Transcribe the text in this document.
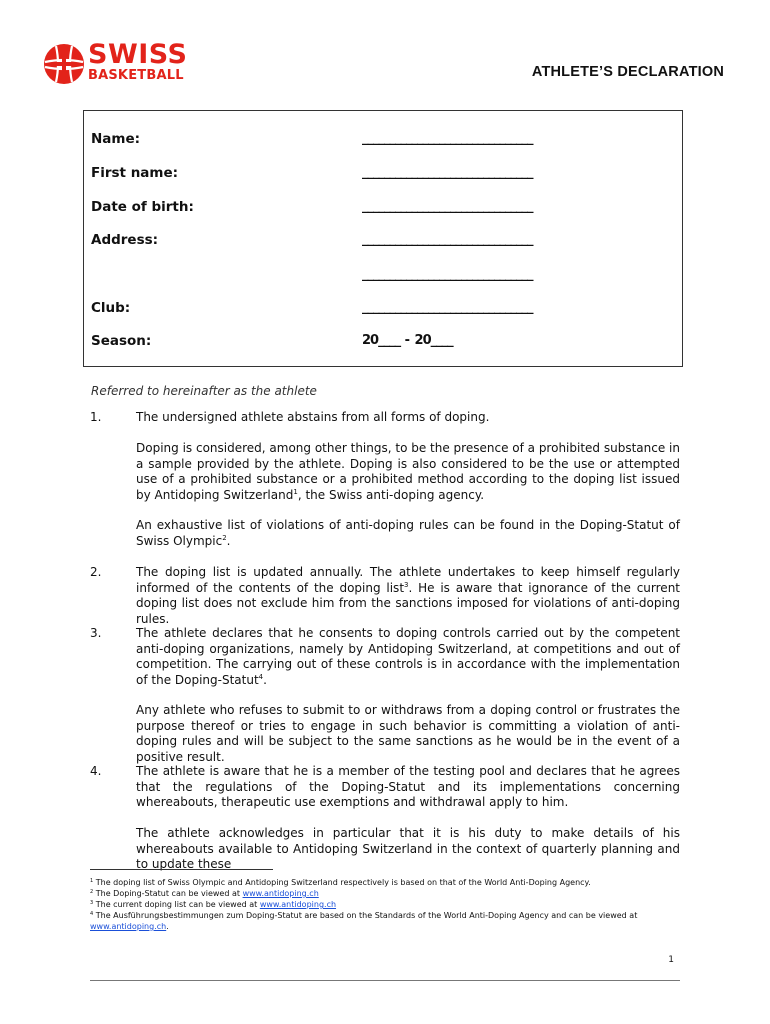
SWISS
BASKETBALL	ATHLETE’S DECLARATION
Name:	_______________________________
First name:	_______________________________
Date of birth:	_______________________________
Address:	_______________________________
_______________________________
Club:	_______________________________
Season:	20____ - 20____
Referred to hereinafter as the athlete
1.	The undersigned athlete abstains from all forms of doping.
Doping is considered, among other things, to be the presence of a prohibited substance in a sample provided by the athlete. Doping is also considered to be the use or attempted use of a prohibited substance or a prohibited method according to the doping list issued by Antidoping Switzerland$^1$, the Swiss anti-doping agency.
An exhaustive list of violations of anti-doping rules can be found in the Doping-Statut of Swiss Olympic$^2$.
2.	The doping list is updated annually. The athlete undertakes to keep himself regularly informed of the contents of the doping list$^3$. He is aware that ignorance of the current doping list does not exclude him from the sanctions imposed for violations of anti-doping rules.
3.	The athlete declares that he consents to doping controls carried out by the competent anti-doping organizations, namely by Antidoping Switzerland, at competitions and out of competition. The carrying out of these controls is in accordance with the implementation of the Doping-Statut$^4$.
Any athlete who refuses to submit to or withdraws from a doping control or frustrates the purpose thereof or tries to engage in such behavior is committing a violation of anti-doping rules and will be subject to the same sanctions as he would be in the event of a positive result.
4.	The athlete is aware that he is a member of the testing pool and declares that he agrees that the regulations of the Doping-Statut and its implementations concerning whereabouts, therapeutic use exemptions and withdrawal apply to him.
The athlete acknowledges in particular that it is his duty to make details of his whereabouts available to Antidoping Switzerland in the context of quarterly planning and to update these
$^1$ The doping list of Swiss Olympic and Antidoping Switzerland respectively is based on that of the World Anti-Doping Agency.
$^2$ The Doping-Statut can be viewed at www.antidoping.ch
$^3$ The current doping list can be viewed at www.antidoping.ch
$^4$ The Ausführungsbestimmungen zum Doping-Statut are based on the Standards of the World Anti-Doping Agency and can be viewed at www.antidoping.ch.
1
